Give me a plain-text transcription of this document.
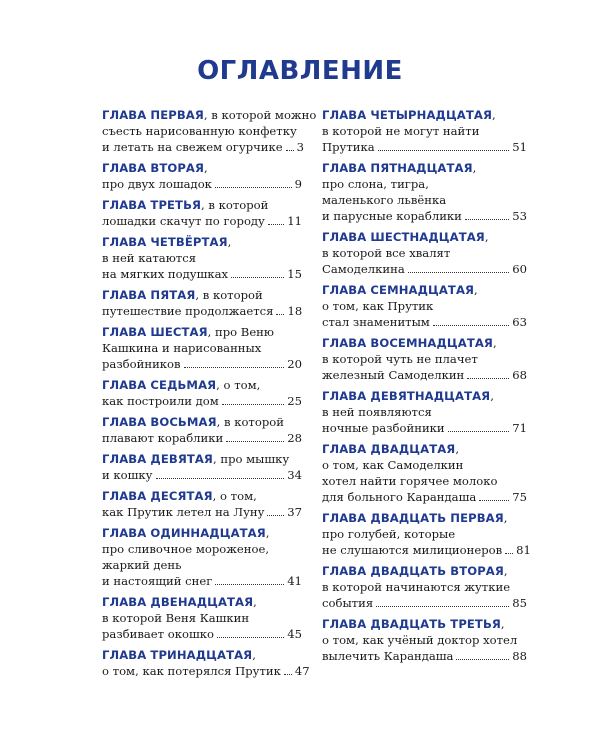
ОГЛАВЛЕНИЕ
ГЛАВА ПЕРВАЯ, в которой можно
съесть нарисованную конфетку
и летать на свежем огурчике 3
ГЛАВА ВТОРАЯ,
про двух лошадок	9
ГЛАВА ТРЕТЬЯ, в которой
лошадки скачут по городу 11
ГЛАВА ЧЕТВЁРТАЯ,
в ней катаются
на мягких подушках	15
ГЛАВА ПЯТАЯ, в которой
путешествие продолжается 18
ГЛАВА ШЕСТАЯ, про Веню
Кашкина и нарисованных
разбойников	20
ГЛАВА СЕДЬМАЯ, о том,
как построили дом	25
ГЛАВА ВОСЬМАЯ, в которой
плавают кораблики	28
ГЛАВА ДЕВЯТАЯ, про мышку
и кошку	34
ГЛАВА ДЕСЯТАЯ, о том,
как Прутик летел на Луну 37
ГЛАВА ОДИННАДЦАТАЯ,
про сливочное мороженое,
жаркий день
и настоящий снег	41
ГЛАВА ДВЕНАДЦАТАЯ,
в которой Веня Кашкин
разбивает окошко	45
ГЛАВА ТРИНАДЦАТАЯ,
о том, как потерялся Прутик 47
ГЛАВА ЧЕТЫРНАДЦАТАЯ,
в которой не могут найти
Прутика	51
ГЛАВА ПЯТНАДЦАТАЯ,
про слона, тигра,
маленького львёнка
и парусные кораблики	53
ГЛАВА ШЕСТНАДЦАТАЯ,
в которой все хвалят
Самоделкина	60
ГЛАВА СЕМНАДЦАТАЯ,
о том, как Прутик
стал знаменитым	63
ГЛАВА ВОСЕМНАДЦАТАЯ,
в которой чуть не плачет
железный Самоделкин	68
ГЛАВА ДЕВЯТНАДЦАТАЯ,
в ней появляются
ночные разбойники	71
ГЛАВА ДВАДЦАТАЯ,
о том, как Самоделкин
хотел найти горячее молоко
для больного Карандаша	75
ГЛАВА ДВАДЦАТЬ ПЕРВАЯ,
про голубей, которые
не слушаются милиционеров 81
ГЛАВА ДВАДЦАТЬ ВТОРАЯ,
в которой начинаются жуткие
события	85
ГЛАВА ДВАДЦАТЬ ТРЕТЬЯ,
о том, как учёный доктор хотел
вылечить Карандаша	88
